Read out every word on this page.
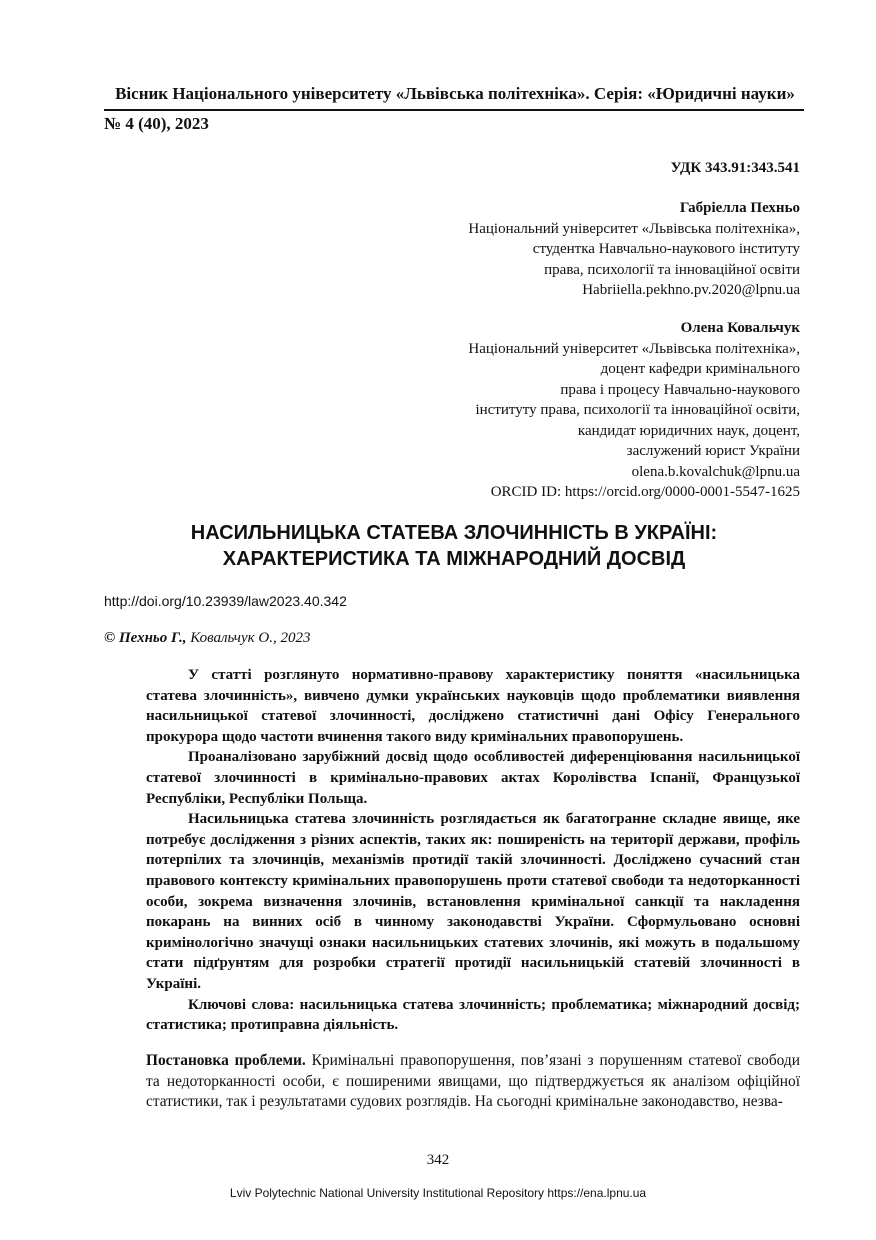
Вісник Національного університету «Львівська політехніка». Серія: «Юридичні науки»
№ 4 (40), 2023
УДК 343.91:343.541
Габріелла Пехньо
Національний університет «Львівська політехніка»,
студентка Навчально-наукового інституту
права, психології та інноваційної освіти
Habriiella.pekhno.pv.2020@lpnu.ua
Олена Ковальчук
Національний університет «Львівська політехніка»,
доцент кафедри кримінального
права і процесу Навчально-наукового
інституту права, психології та інноваційної освіти,
кандидат юридичних наук, доцент,
заслужений юрист України
olena.b.kovalchuk@lpnu.ua
ORCID ID: https://orcid.org/0000-0001-5547-1625
НАСИЛЬНИЦЬКА СТАТЕВА ЗЛОЧИННІСТЬ В УКРАЇНІ:
ХАРАКТЕРИСТИКА ТА МІЖНАРОДНИЙ ДОСВІД
http://doi.org/10.23939/law2023.40.342
© Пехньо Г., Ковальчук О., 2023

У статті розглянуто нормативно-правову характеристику поняття «насильницька статева злочинність», вивчено думки українських науковців щодо проблематики виявлення насильницької статевої злочинності, досліджено статистичні дані Офісу Генерального прокурора щодо частоти вчинення такого виду кримінальних правопорушень.

Проаналізовано зарубіжний досвід щодо особливостей диференціювання насильницької статевої злочинності в кримінально-правових актах Королівства Іспанії, Французької Республіки, Республіки Польща.

Насильницька статева злочинність розглядається як багатогранне складне явище, яке потребує дослідження з різних аспектів, таких як: поширеність на території держави, профіль потерпілих та злочинців, механізмів протидії такій злочинності. Досліджено сучасний стан правового контексту кримінальних правопорушень проти статевої свободи та недоторканності особи, зокрема визначення злочинів, встановлення кримінальної санкції та накладення покарань на винних осіб в чинному законодавстві України. Сформульовано основні кримінологічно значущі ознаки насильницьких статевих злочинів, які можуть в подальшому стати підґрунтям для розробки стратегії протидії насильницькій статевій злочинності в Україні.

Ключові слова: насильницька статева злочинність; проблематика; міжнародний досвід; статистика; протиправна діяльність.

Постановка проблеми. Кримінальні правопорушення, пов’язані з порушенням статевої свободи та недоторканності особи, є поширеними явищами, що підтверджується як аналізом офіційної статистики, так і результатами судових розглядів. На сьогодні кримінальне законодавство, незва-

342
Lviv Polytechnic National University Institutional Repository https://ena.lpnu.ua
